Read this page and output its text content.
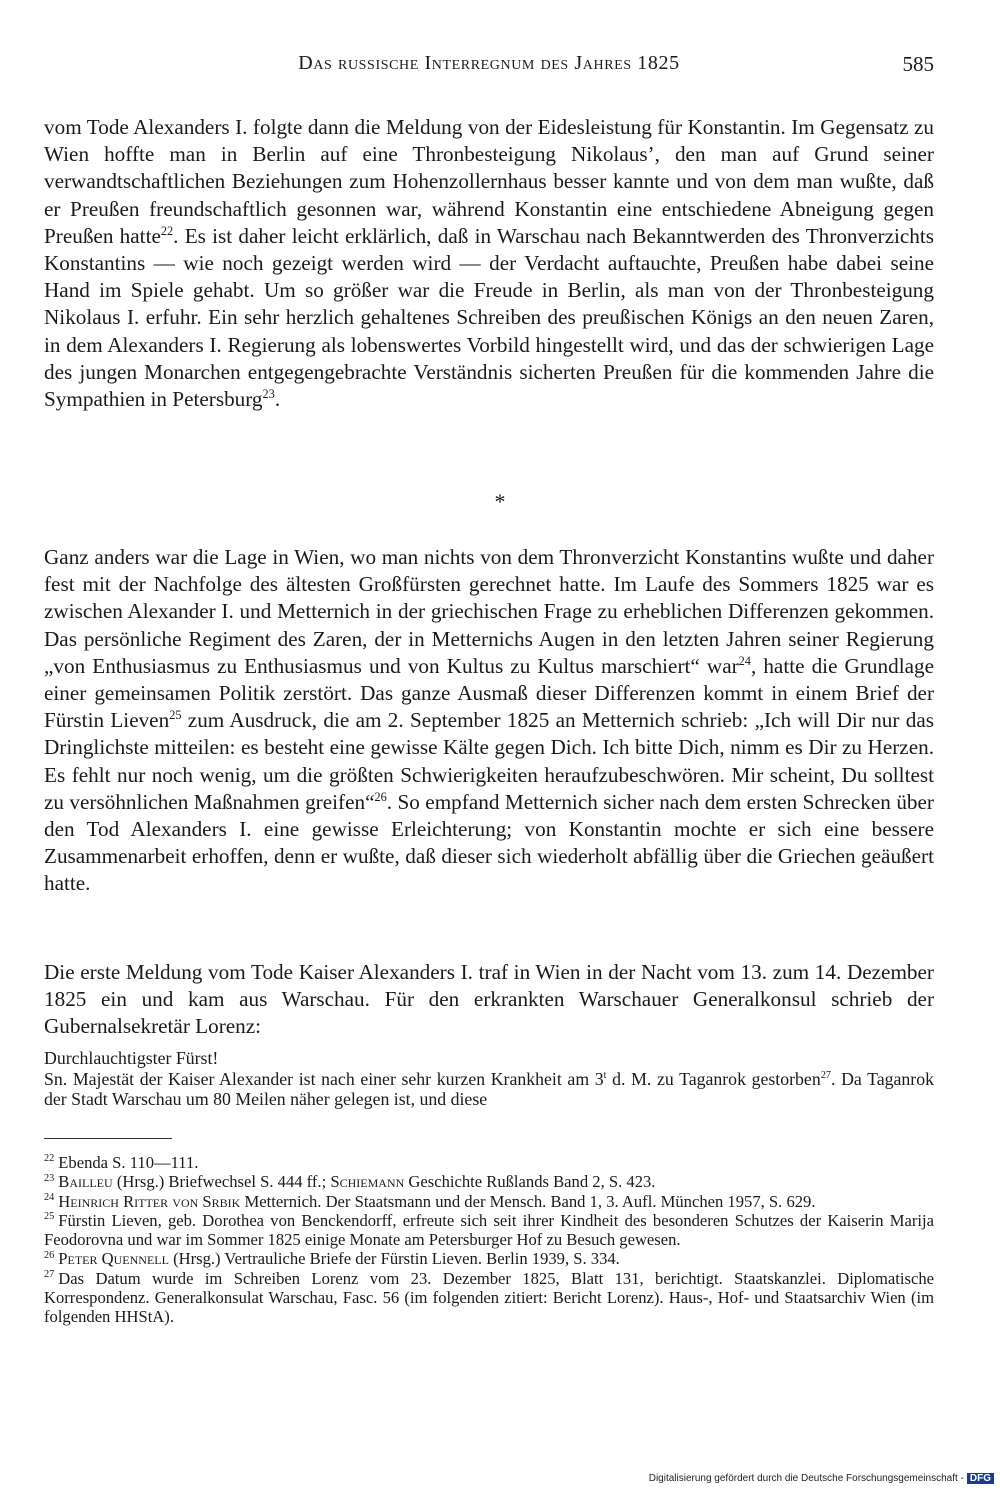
Das russische Interregnum des Jahres 1825	585

vom Tode Alexanders I. folgte dann die Meldung von der Eidesleistung für Konstantin. Im Gegensatz zu Wien hoffte man in Berlin auf eine Thronbesteigung Nikolaus’, den man auf Grund seiner verwandtschaftlichen Beziehungen zum Hohenzollernhaus besser kannte und von dem man wußte, daß er Preußen freundschaftlich gesonnen war, während Konstantin eine entschiedene Abneigung gegen Preußen hatte$^{22}$. Es ist daher leicht erklärlich, daß in Warschau nach Bekanntwerden des Thronverzichts Konstantins — wie noch gezeigt werden wird — der Verdacht auftauchte, Preußen habe dabei seine Hand im Spiele gehabt. Um so größer war die Freude in Berlin, als man von der Thronbesteigung Nikolaus I. erfuhr. Ein sehr herzlich gehaltenes Schreiben des preußischen Königs an den neuen Zaren, in dem Alexanders I. Regierung als lobenswertes Vorbild hingestellt wird, und das der schwierigen Lage des jungen Monarchen entgegengebrachte Verständnis sicherten Preußen für die kommenden Jahre die Sympathien in Petersburg$^{23}$.

*

Ganz anders war die Lage in Wien, wo man nichts von dem Thronverzicht Konstantins wußte und daher fest mit der Nachfolge des ältesten Großfürsten gerechnet hatte. Im Laufe des Sommers 1825 war es zwischen Alexander I. und Metternich in der griechischen Frage zu erheblichen Differenzen gekommen. Das persönliche Regiment des Zaren, der in Metternichs Augen in den letzten Jahren seiner Regierung „von Enthusiasmus zu Enthusiasmus und von Kultus zu Kultus marschiert“ war$^{24}$, hatte die Grundlage einer gemeinsamen Politik zerstört. Das ganze Ausmaß dieser Differenzen kommt in einem Brief der Fürstin Lieven$^{25}$ zum Ausdruck, die am 2. September 1825 an Metternich schrieb: „Ich will Dir nur das Dringlichste mitteilen: es besteht eine gewisse Kälte gegen Dich. Ich bitte Dich, nimm es Dir zu Herzen. Es fehlt nur noch wenig, um die größten Schwierigkeiten heraufzubeschwören. Mir scheint, Du solltest zu versöhnlichen Maßnahmen greifen“$^{26}$. So empfand Metternich sicher nach dem ersten Schrecken über den Tod Alexanders I. eine gewisse Erleichterung; von Konstantin mochte er sich eine bessere Zusammenarbeit erhoffen, denn er wußte, daß dieser sich wiederholt abfällig über die Griechen geäußert hatte.

Die erste Meldung vom Tode Kaiser Alexanders I. traf in Wien in der Nacht vom 13. zum 14. Dezember 1825 ein und kam aus Warschau. Für den erkrankten Warschauer Generalkonsul schrieb der Gubernalsekretär Lorenz:

Durchlauchtigster Fürst!

Sn. Majestät der Kaiser Alexander ist nach einer sehr kurzen Krankheit am 3$^t$ d. M. zu Taganrok gestorben$^{27}$. Da Taganrok der Stadt Warschau um 80 Meilen näher gelegen ist, und diese

$^{22}$ Ebenda S. 110—111.

$^{23}$ Bailleu (Hrsg.) Briefwechsel S. 444 ff.; Schiemann Geschichte Rußlands Band 2, S. 423.

$^{24}$ Heinrich Ritter von Srbik Metternich. Der Staatsmann und der Mensch. Band 1, 3. Aufl. München 1957, S. 629.

$^{25}$ Fürstin Lieven, geb. Dorothea von Benckendorff, erfreute sich seit ihrer Kindheit des besonderen Schutzes der Kaiserin Marija Feodorovna und war im Sommer 1825 einige Monate am Petersburger Hof zu Besuch gewesen.

$^{26}$ Peter Quennell (Hrsg.) Vertrauliche Briefe der Fürstin Lieven. Berlin 1939, S. 334.

$^{27}$ Das Datum wurde im Schreiben Lorenz vom 23. Dezember 1825, Blatt 131, berichtigt. Staatskanzlei. Diplomatische Korrespondenz. Generalkonsulat Warschau, Fasc. 56 (im folgenden zitiert: Bericht Lorenz). Haus-, Hof- und Staatsarchiv Wien (im folgenden HHStA).

Digitalisierung gefördert durch die Deutsche Forschungsgemeinschaft - DFG
